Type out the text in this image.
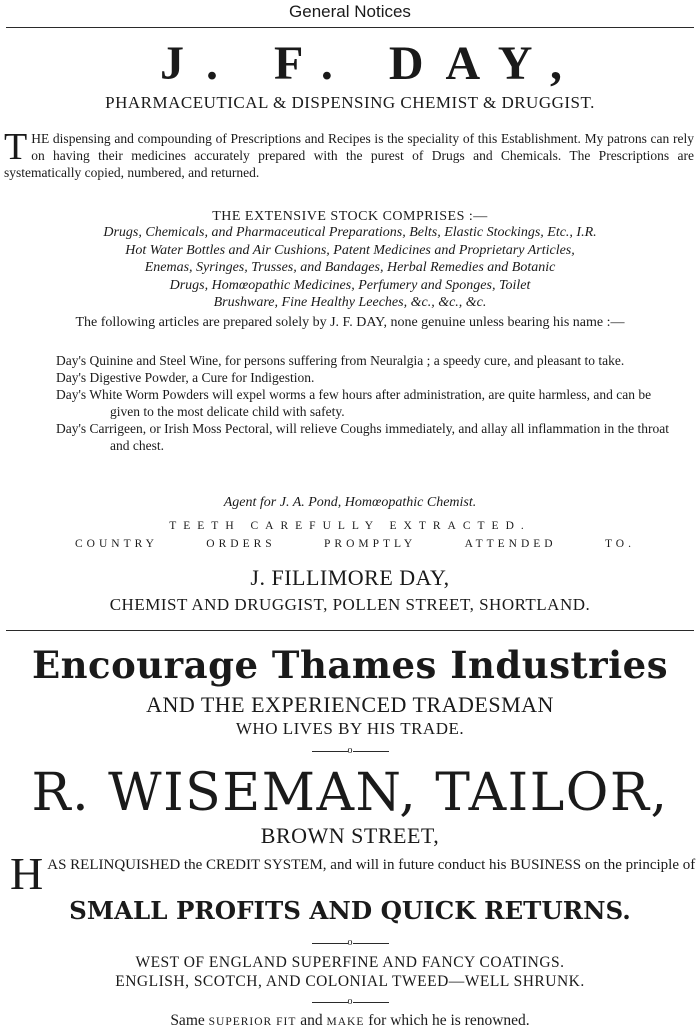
General Notices
J. F. DAY,
PHARMACEUTICAL & DISPENSING CHEMIST & DRUGGIST.
THE dispensing and compounding of Prescriptions and Recipes is the speciality of this Establishment. My patrons can rely on having their medicines accurately prepared with the purest of Drugs and Chemicals. The Prescriptions are systematically copied, numbered, and returned.
THE EXTENSIVE STOCK COMPRISES :—
Drugs, Chemicals, and Pharmaceutical Preparations, Belts, Elastic Stockings, Etc., I.R.
Hot Water Bottles and Air Cushions, Patent Medicines and Proprietary Articles,
Enemas, Syringes, Trusses, and Bandages, Herbal Remedies and Botanic
Drugs, Homœopathic Medicines, Perfumery and Sponges, Toilet
Brushware, Fine Healthy Leeches, &c., &c., &c.
The following articles are prepared solely by J. F. DAY, none genuine unless bearing his name :—

Day's Quinine and Steel Wine, for persons suffering from Neuralgia ; a speedy cure, and pleasant to take.

Day's Digestive Powder, a Cure for Indigestion.

Day's White Worm Powders will expel worms a few hours after administration, are quite harmless, and can be given to the most delicate child with safety.

Day's Carrigeen, or Irish Moss Pectoral, will relieve Coughs immediately, and allay all inflammation in the throat and chest.

Agent for J. A. Pond, Homœopathic Chemist.
TEETH CAREFULLY EXTRACTED.
COUNTRY	ORDERS	PROMPTLY	ATTENDED	TO.
J. FILLIMORE DAY,
CHEMIST AND DRUGGIST, POLLEN STREET, SHORTLAND.
Encourage Thames Industries
AND THE EXPERIENCED TRADESMAN
WHO LIVES BY HIS TRADE.
o
R. WISEMAN, TAILOR,
BROWN STREET,
HAS RELINQUISHED the CREDIT SYSTEM, and will in future conduct his BUSINESS on the principle of
SMALL PROFITS AND QUICK RETURNS.
o
WEST OF ENGLAND SUPERFINE AND FANCY COATINGS.
ENGLISH, SCOTCH, AND COLONIAL TWEED—WELL SHRUNK.
o
Same SUPERIOR FIT and MAKE for which he is renowned.
